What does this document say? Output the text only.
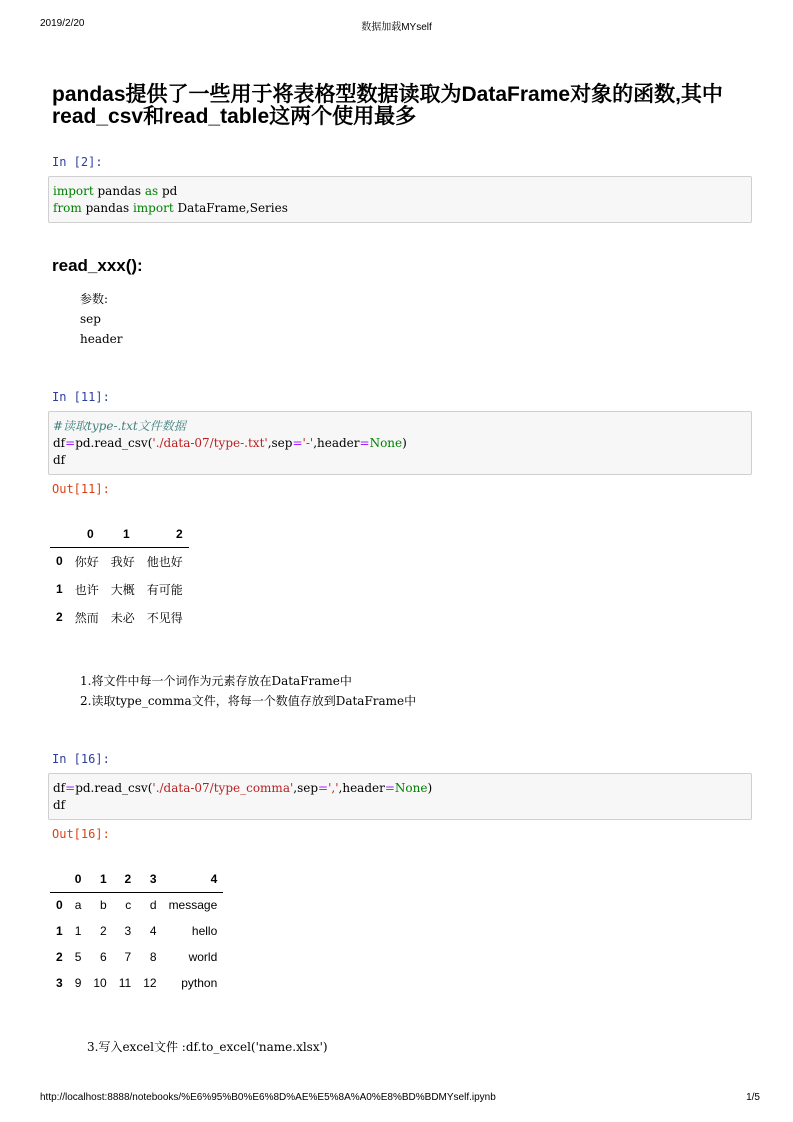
2019/2/20	数据加载MYself
pandas提供了一些用于将表格型数据读取为DataFrame对象的函数,其中read_csv和read_table这两个使用最多
In [2]:
import pandas as pd
from pandas import DataFrame,Series
read_xxx():
参数:
sep
header
In [11]:
#读取type-.txt文件数据
df=pd.read_csv('./data-07/type-.txt',sep='-',header=None)
df
Out[11]:
	0	1	2
0	你好	我好	他也好
1	也许	大概	有可能
2	然而	未必	不见得
1.将文件中每一个词作为元素存放在DataFrame中
2.读取type_comma文件，将每一个数值存放到DataFrame中
In [16]:
df=pd.read_csv('./data-07/type_comma',sep=',',header=None)
df
Out[16]:
	0	1	2	3	4
0	a	b	c	d	message
1	1	2	3	4	hello
2	5	6	7	8	world
3	9	10	11	12	python
3.写入excel文件 :df.to_excel('name.xlsx')
http://localhost:8888/notebooks/%E6%95%B0%E6%8D%AE%E5%8A%A0%E8%BD%BDMYself.ipynb	1/5
